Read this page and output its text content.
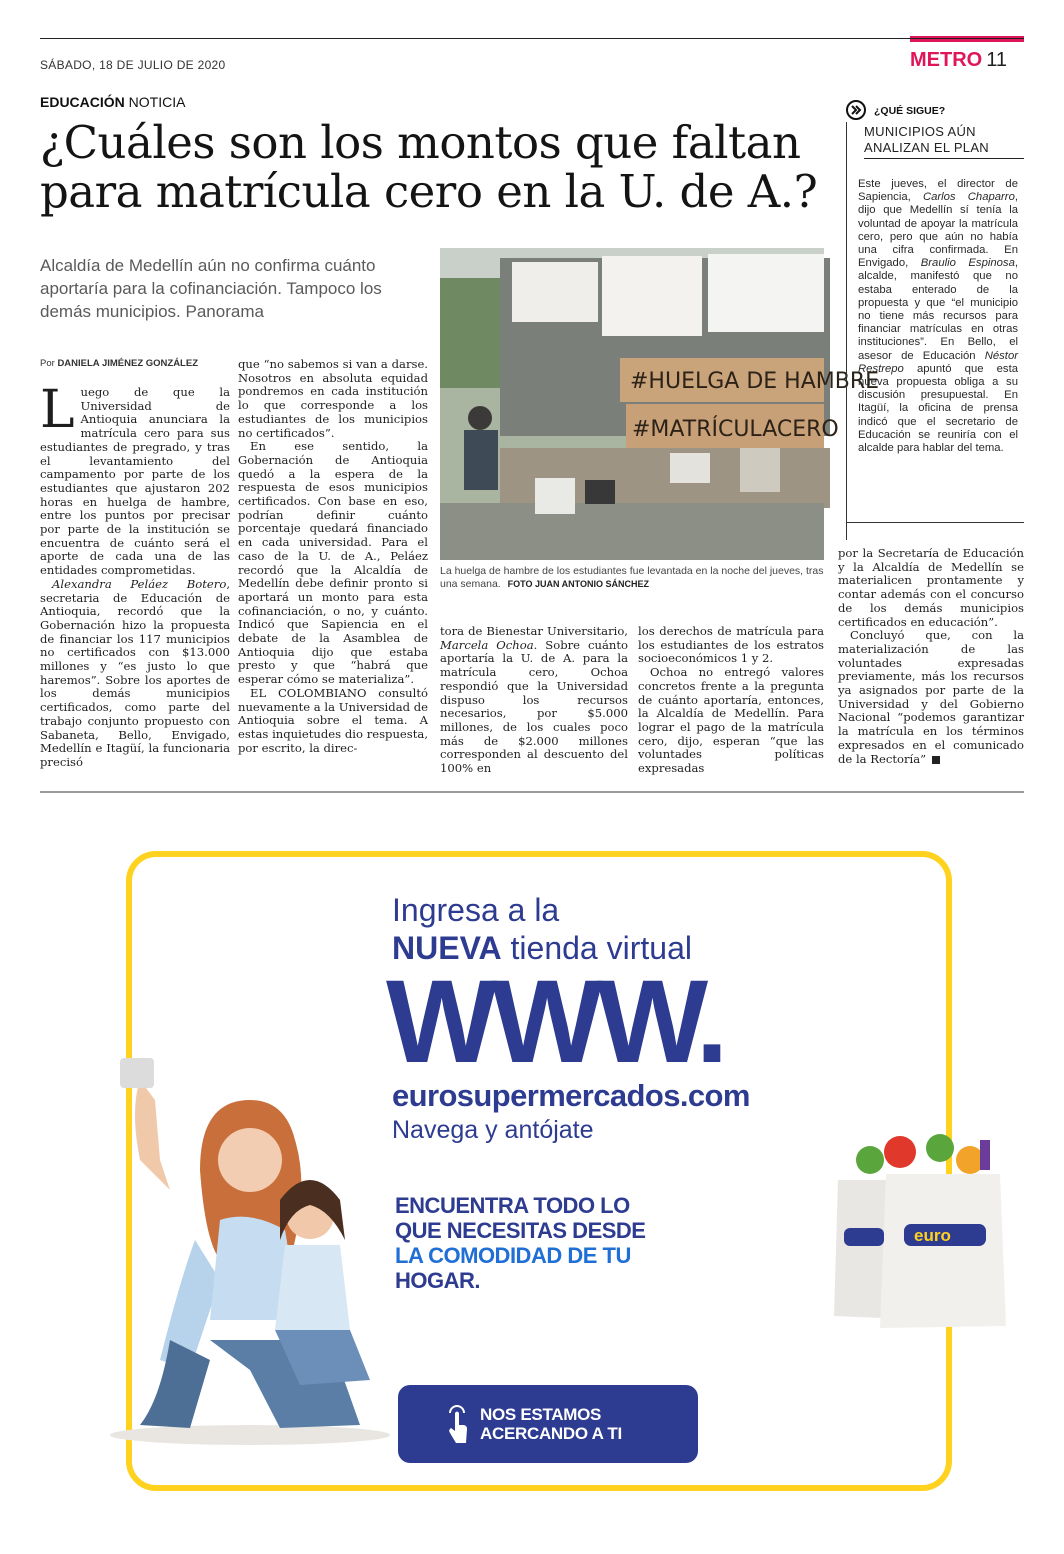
SÁBADO, 18 DE JULIO DE 2020	METRO 11
EDUCACIÓN NOTICIA
¿Cuáles son los montos que faltan para matrícula cero en la U. de A.?
Alcaldía de Medellín aún no confirma cuánto aportaría para la cofinanciación. Tampoco los demás municipios. Panorama
Por DANIELA JIMÉNEZ GONZÁLEZ

Luego de que la Universidad de Antioquia anunciara la matrícula cero para sus estudiantes de pregrado, y tras el levantamiento del campamento por parte de los estudiantes que ajustaron 202 horas en huelga de hambre, entre los puntos por precisar por parte de la institución se encuentra de cuánto será el aporte de cada una de las entidades comprometidas.

Alexandra Peláez Botero, secretaria de Educación de Antioquia, recordó que la Gobernación hizo la propuesta de financiar los 117 municipios no certificados con $13.000 millones y “es justo lo que haremos”. Sobre los aportes de los demás municipios certificados, como parte del trabajo conjunto propuesto con Sabaneta, Bello, Envigado, Medellín e Itagüí, la funcionaria precisó

que “no sabemos si van a darse. Nosotros en absoluta equidad pondremos en cada institución lo que corresponde a los estudiantes de los municipios no certificados”.

En ese sentido, la Gobernación de Antioquia quedó a la espera de la respuesta de esos municipios certificados. Con base en eso, podrían definir cuánto porcentaje quedará financiado en cada universidad. Para el caso de la U. de A., Peláez recordó que la Alcaldía de Medellín debe definir pronto si aportará un monto para esta cofinanciación, o no, y cuánto. Indicó que Sapiencia en el debate de la Asamblea de Antioquia dijo que estaba presto y que “habrá que esperar cómo se materializa”.

EL COLOMBIANO consultó nuevamente a la Universidad de Antioquia sobre el tema. A estas inquietudes dio respuesta, por escrito, la direc-

#HUELGA DE HAMBRE
#MATRÍCULACERO
La huelga de hambre de los estudiantes fue levantada en la noche del jueves, tras una semana. FOTO JUAN ANTONIO SÁNCHEZ

tora de Bienestar Universitario, Marcela Ochoa. Sobre cuánto aportaría la U. de A. para la matrícula cero, Ochoa respondió que la Universidad dispuso los recursos necesarios, por $5.000 millones, de los cuales poco más de $2.000 millones corresponden al descuento del 100% en

los derechos de matrícula para los estudiantes de los estratos socioeconómicos 1 y 2.

Ochoa no entregó valores concretos frente a la pregunta de cuánto aportaría, entonces, la Alcaldía de Medellín. Para lograr el pago de la matrícula cero, dijo, esperan “que las voluntades políticas expresadas

por la Secretaría de Educación y la Alcaldía de Medellín se materialicen prontamente y contar además con el concurso de los demás municipios certificados en educación”.

Concluyó que, con la materialización de las voluntades expresadas previamente, más los recursos ya asignados por parte de la Universidad y del Gobierno Nacional “podemos garantizar la matrícula en los términos expresados en el comunicado de la Rectoría”

¿QUÉ SIGUE?
MUNICIPIOS AÚN ANALIZAN EL PLAN
Este jueves, el director de Sapiencia, Carlos Chaparro, dijo que Medellín sí tenía la voluntad de apoyar la matrícula cero, pero que aún no había una cifra confirmada. En Envigado, Braulio Espinosa, alcalde, manifestó que no estaba enterado de la propuesta y que “el municipio no tiene más recursos para financiar matrículas en otras instituciones”. En Bello, el asesor de Educación Néstor Restrepo apuntó que esta nueva propuesta obliga a su discusión presupuestal. En Itagüí, la oficina de prensa indicó que el secretario de Educación se reuniría con el alcalde para hablar del tema.
Ingresa a la
NUEVA tienda virtual
WWW.
eurosupermercados.com
Navega y antójate
ENCUENTRA TODO LO
QUE NECESITAS DESDE
LA COMODIDAD DE TU
HOGAR.
euro
NOS ESTAMOS
ACERCANDO A TI
